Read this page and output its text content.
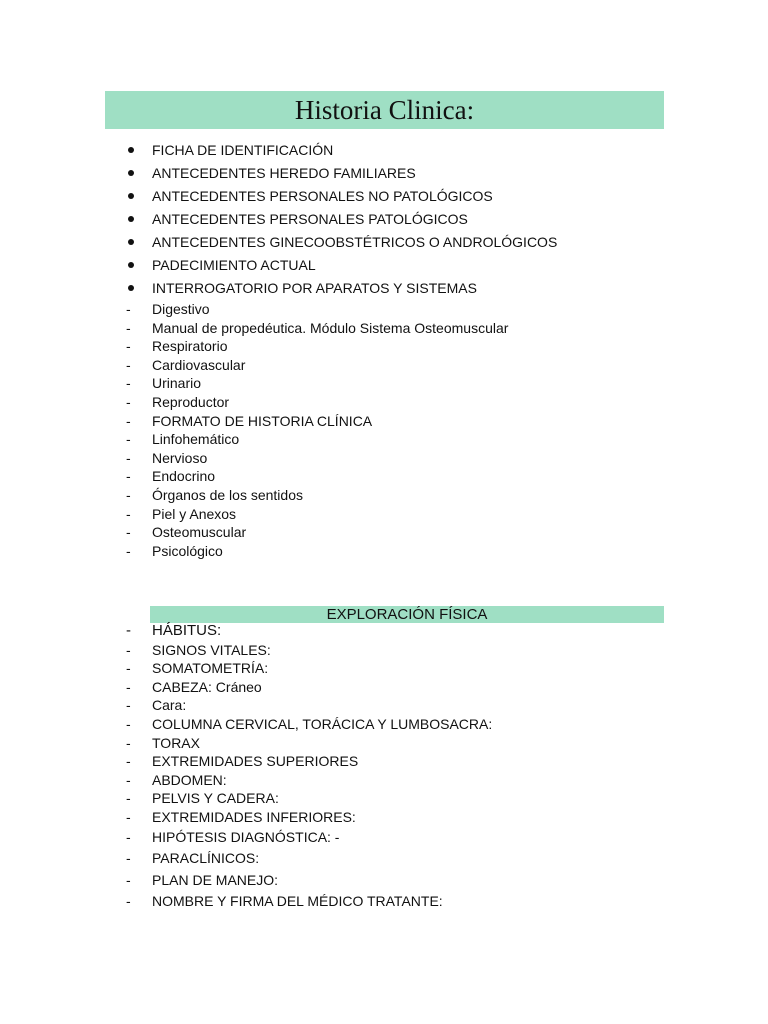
Historia Clinica:
FICHA DE IDENTIFICACIÓN
ANTECEDENTES HEREDO FAMILIARES
ANTECEDENTES PERSONALES NO PATOLÓGICOS
ANTECEDENTES PERSONALES PATOLÓGICOS
ANTECEDENTES GINECOOBSTÉTRICOS O ANDROLÓGICOS
PADECIMIENTO ACTUAL
INTERROGATORIO POR APARATOS Y SISTEMAS
- Digestivo
- Manual de propedéutica. Módulo Sistema Osteomuscular
- Respiratorio
- Cardiovascular
- Urinario
- Reproductor
- FORMATO DE HISTORIA CLÍNICA
- Linfohemático
- Nervioso
- Endocrino
- Órganos de los sentidos
- Piel y Anexos
- Osteomuscular
- Psicológico
EXPLORACIÓN FÍSICA
- HÁBITUS:
- SIGNOS VITALES:
- SOMATOMETRÍA:
- CABEZA: Cráneo
- Cara:
- COLUMNA CERVICAL, TORÁCICA Y LUMBOSACRA:
- TORAX
- EXTREMIDADES SUPERIORES
- ABDOMEN:
- PELVIS Y CADERA:
- EXTREMIDADES INFERIORES:
- HIPÓTESIS DIAGNÓSTICA: -
- PARACLÍNICOS:
- PLAN DE MANEJO:
- NOMBRE Y FIRMA DEL MÉDICO TRATANTE:
